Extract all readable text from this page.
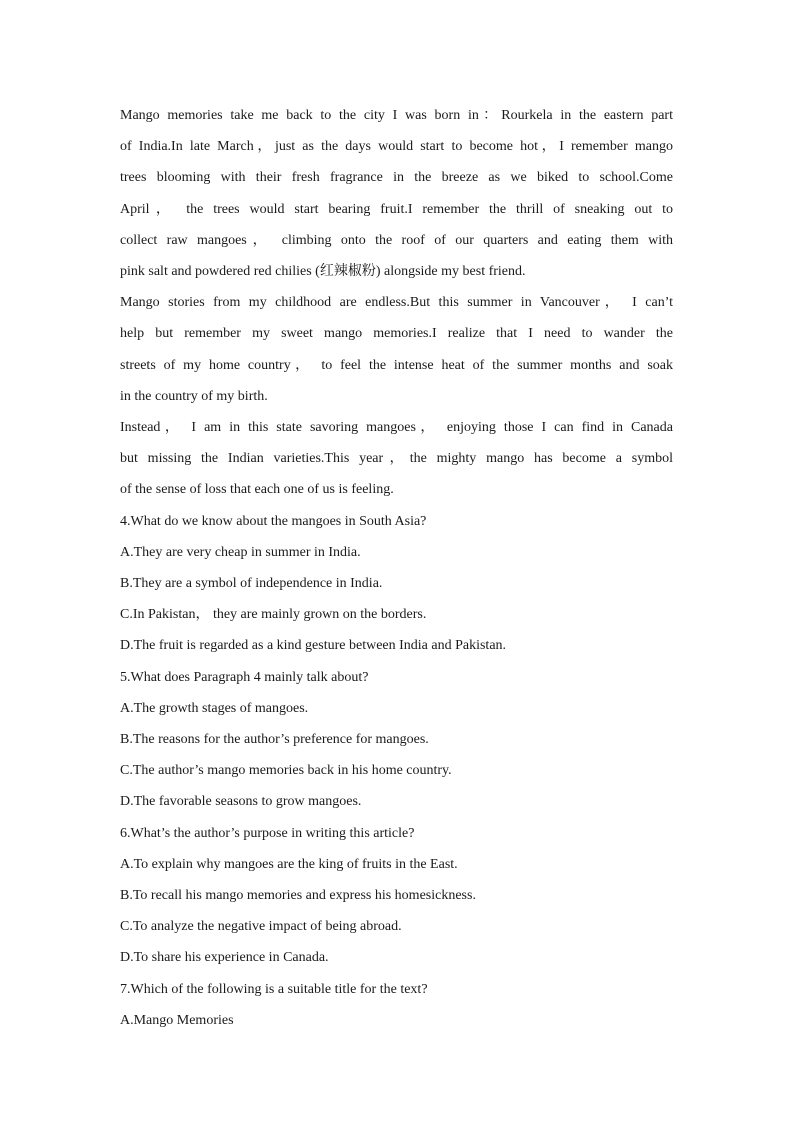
Mango memories take me back to the city I was born in：Rourkela in the eastern part

of India.In late March，just as the days would start to become hot，I remember mango

trees blooming with their fresh fragrance in the breeze as we biked to school.Come

April， the trees would start bearing fruit.I remember the thrill of sneaking out to

collect raw mangoes， climbing onto the roof of our quarters and eating them with

pink salt and powdered red chilies (红辣椒粉) alongside my best friend.

Mango stories from my childhood are endless.But this summer in Vancouver， I can’t

help but remember my sweet mango memories.I realize that I need to wander the

streets of my home country， to feel the intense heat of the summer months and soak

in the country of my birth.

Instead， I am in this state savoring mangoes， enjoying those I can find in Canada

but missing the Indian varieties.This year，the mighty mango has become a symbol

of the sense of loss that each one of us is feeling.

4.What do we know about the mangoes in South Asia?

A.They are very cheap in summer in India.

B.They are a symbol of independence in India.

C.In Pakistan， they are mainly grown on the borders.

D.The fruit is regarded as a kind gesture between India and Pakistan.

5.What does Paragraph 4 mainly talk about?

A.The growth stages of mangoes.

B.The reasons for the author’s preference for mangoes.

C.The author’s mango memories back in his home country.

D.The favorable seasons to grow mangoes.

6.What’s the author’s purpose in writing this article?

A.To explain why mangoes are the king of fruits in the East.

B.To recall his mango memories and express his homesickness.

C.To analyze the negative impact of being abroad.

D.To share his experience in Canada.

7.Which of the following is a suitable title for the text?

A.Mango Memories
